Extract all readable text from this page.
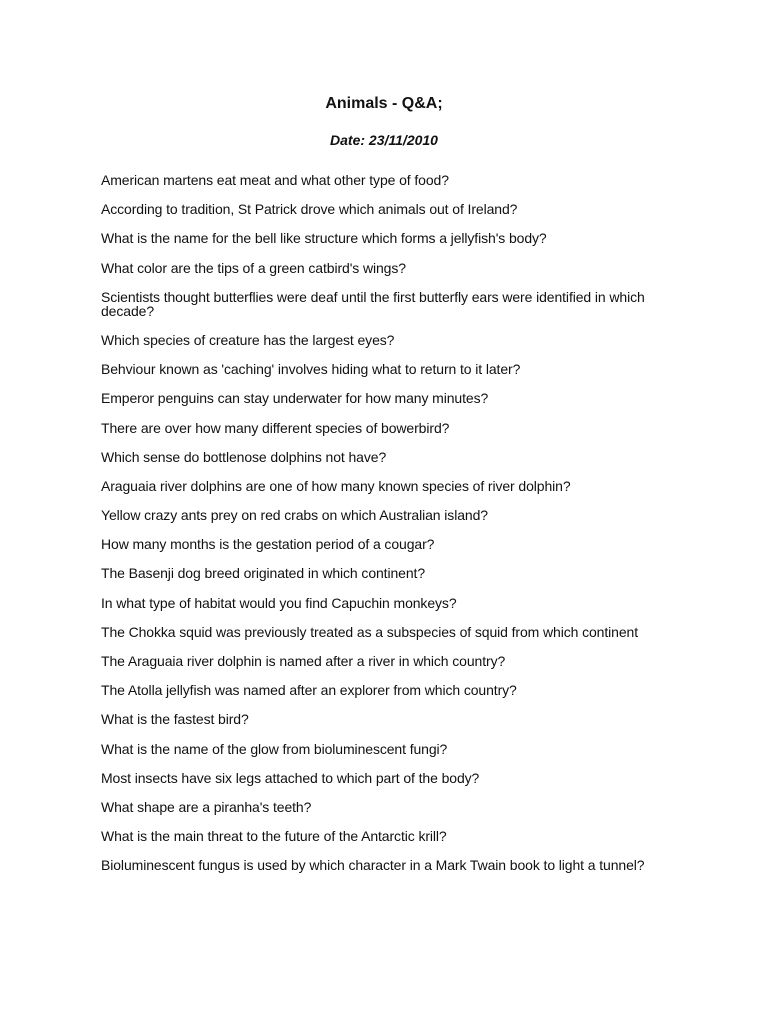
Animals - Q&A;
Date: 23/11/2010
American martens eat meat and what other type of food?
According to tradition, St Patrick drove which animals out of Ireland?
What is the name for the bell like structure which forms a jellyfish's body?
What color are the tips of a green catbird's wings?
Scientists thought butterflies were deaf until the first butterfly ears were identified in which decade?
Which species of creature has the largest eyes?
Behviour known as 'caching' involves hiding what to return to it later?
Emperor penguins can stay underwater for how many minutes?
There are over how many different species of bowerbird?
Which sense do bottlenose dolphins not have?
Araguaia river dolphins are one of how many known species of river dolphin?
Yellow crazy ants prey on red crabs on which Australian island?
How many months is the gestation period of a cougar?
The Basenji dog breed originated in which continent?
In what type of habitat would you find Capuchin monkeys?
The Chokka squid was previously treated as a subspecies of squid from which continent
The Araguaia river dolphin is named after a river in which country?
The Atolla jellyfish was named after an explorer from which country?
What is the fastest bird?
What is the name of the glow from bioluminescent fungi?
Most insects have six legs attached to which part of the body?
What shape are a piranha's teeth?
What is the main threat to the future of the Antarctic krill?
Bioluminescent fungus is used by which character in a Mark Twain book to light a tunnel?
